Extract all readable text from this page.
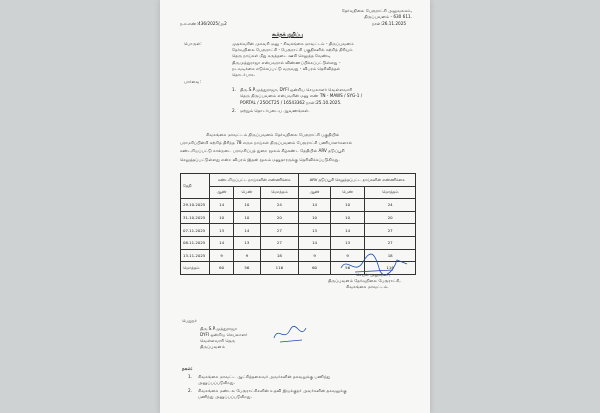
தேர்வுநிலை பேரூராட்சி அலுவலகம்,
திருப்புவனம் - 630 611.
ந.க.எண்:436/2025/அ2	நாள்:26.11.2025
கூர்தக் குறிப்பு
பொருள்:	முதல்வரின் முகவரி மனு - சிவகங்கை மாவட்டம் - திருப்புவனம்
தேர்வுநிலை பேரூராட்சி - பேரூராட்சி பகுதிகளில் சுற்றித் திரியும்
தெரு நாய்கள் மீது கருத்தடை ஊசி செலுத்த வேண்டி
திருமுத்துராஜா என்பவரால் விண்ணப்பிக்கப்பட்டுள்ளது -
நடவடிக்கை எடுக்கப்பட்டு வருவது - விபரம் தெரிவித்தல்
தொடர்பாக.
பார்வை:
1. திரு.S.P.முத்துராஜா, DYFI ஒன்றிய செயலாளர் வெள்ளவாரி
தெரு திருப்புவனம் என்பவரின் மனு எண் TN - MAWS / SYG-1 /
PORTAL / 25OCT25 / 16543362 நாள்:25.10.2025.
2. மற்றும் தொடர்புடைய ஆவணங்கள்.
சிவகங்கை மாவட்டம் திருப்புவனம் தேர்வுநிலை பேரூராட்சி பகுதியில்
பராமரிப்பின்றி சுற்றித் திரிந்த 78 எருக நாய்கள் திருப்புவனம் பேரூராட்சி பணியாளர்களால்
கண்டறியப்பட்டு கால்நடை பராமரிப்புத் துறை மூலம் கீழ்கண்ட தேதியில் ARV தடுப்பூசி
செலுத்தப்பட்டுள்ளது என்ற விபரம் இதன் மூலம் மனுதாரருக்கு தெரிவிக்கப்படுகிறது.
தேதி	கண்டறியப்பட்ட நாய்களின் எண்ணிக்கை			ARV தடுப்பூசி செலுத்தப்பட்ட நாய்களின் எண்ணிக்கை		
	ஆண்	பெண்	மொத்தம்	ஆண்	பெண்	மொத்தம்
29.10.2025	14	10	24	14	10	24
31.10.2025	10	10	20	10	10	20
07.11.2025	13	14	27	13	14	27
08.11.2025	14	13	27	14	13	27
13.11.2025	9	9	18	9	9	18
மொத்தம்	60	56	116	60	56	116
செயல் அலுவலர்,
திருப்புவனம் தேர்வுநிலை பேரூராட்சி,
சிவகங்கை மாவட்டம்.
பெறுநர்
திரு.S.P.முத்துராஜா
DYFI ஒன்றிய செயலாளர்
வெள்ளவாரி தெரு
திருப்புவனம்
நகல்:
1. சிவகங்கை மாவட்ட ஆட்சித்தலைவர் அவர்களின் தகவலுக்கு பணிந்து
அனுப்பப்படுகிறது.
2. சிவகங்கை மண்டல பேரூராட்சிகளின் உதவி இயக்குநர் அவர்களின் தகவலுக்கு
பணிந்து அனுப்பப்படுகிறது.
